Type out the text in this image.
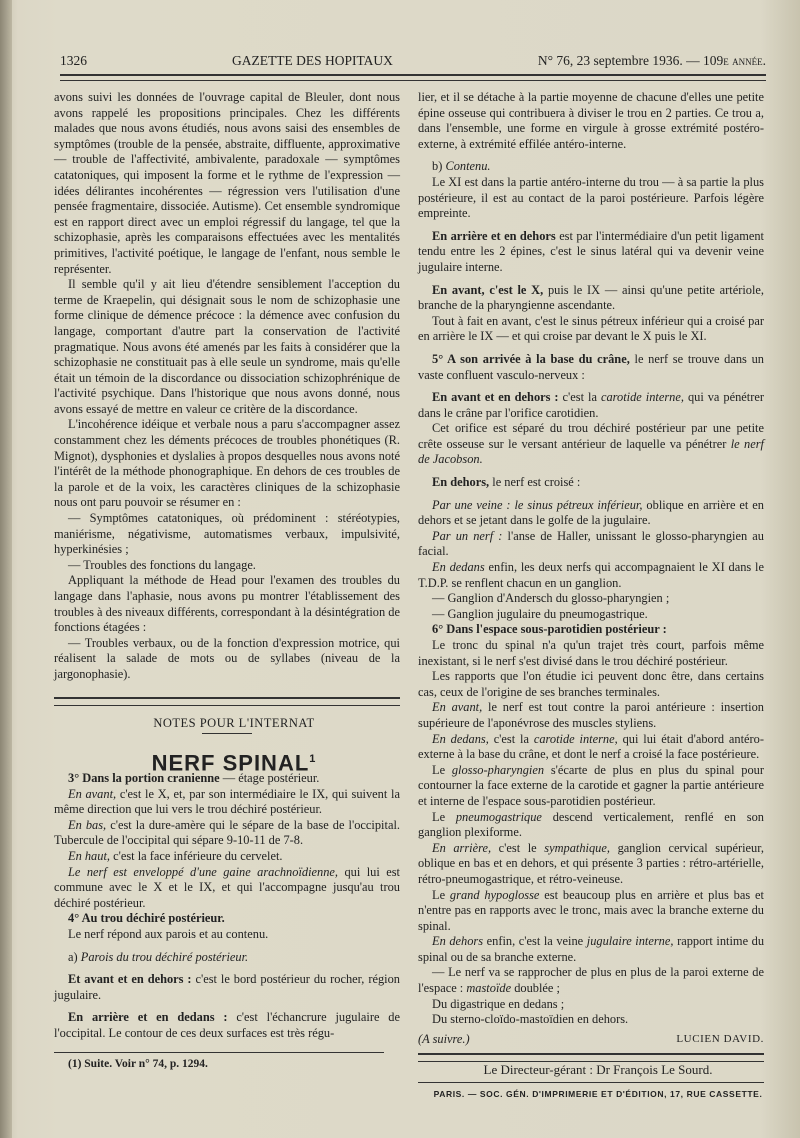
1326	GAZETTE DES HOPITAUX	N° 76, 23 septembre 1936. — 109e année.

avons suivi les données de l'ouvrage capital de Bleuler, dont nous avons rappelé les propositions principales. Chez les différents malades que nous avons étudiés, nous avons saisi des ensembles de symptômes (trouble de la pensée, abstraite, diffluente, approximative — trouble de l'affectivité, ambivalente, paradoxale — symptômes catatoniques, qui imposent la forme et le rythme de l'expression — idées délirantes incohérentes — régression vers l'utilisation d'une pensée fragmentaire, dissociée. Autisme). Cet ensemble syndromique est en rapport direct avec un emploi régressif du langage, tel que la schizophasie, après les comparaisons effectuées avec les mentalités primitives, l'activité poétique, le langage de l'enfant, nous semble le représenter.

Il semble qu'il y ait lieu d'étendre sensiblement l'acception du terme de Kraepelin, qui désignait sous le nom de schizophasie une forme clinique de démence précoce : la démence avec confusion du langage, comportant d'autre part la conservation de l'activité pragmatique. Nous avons été amenés par les faits à considérer que la schizophasie ne constituait pas à elle seule un syndrome, mais qu'elle était un témoin de la discordance ou dissociation schizophrénique de l'activité psychique. Dans l'historique que nous avons donné, nous avons essayé de mettre en valeur ce critère de la discordance.

L'incohérence idéique et verbale nous a paru s'accompagner assez constamment chez les déments précoces de troubles phonétiques (R. Mignot), dysphonies et dyslalies à propos desquelles nous avons noté l'intérêt de la méthode phonographique. En dehors de ces troubles de la parole et de la voix, les caractères cliniques de la schizophasie nous ont paru pouvoir se résumer en :

— Symptômes catatoniques, où prédominent : stéréotypies, maniérisme, négativisme, automatismes verbaux, impulsivité, hyperkinésies ;

— Troubles des fonctions du langage.

Appliquant la méthode de Head pour l'examen des troubles du langage dans l'aphasie, nous avons pu montrer l'établissement des troubles à des niveaux différents, correspondant à la désintégration de fonctions étagées :

— Troubles verbaux, ou de la fonction d'expression motrice, qui réalisent la salade de mots ou de syllabes (niveau de la jargonophasie).

NOTES POUR L'INTERNAT

NERF SPINAL$^1$

3° Dans la portion cranienne — étage postérieur.

En avant, c'est le X, et, par son intermédiaire le IX, qui suivent la même direction que lui vers le trou déchiré postérieur.

En bas, c'est la dure-amère qui le sépare de la base de l'occipital. Tubercule de l'occipital qui sépare 9-10-11 de 7-8.

En haut, c'est la face inférieure du cervelet.

Le nerf est enveloppé d'une gaine arachnoïdienne, qui lui est commune avec le X et le IX, et qui l'accompagne jusqu'au trou déchiré postérieur.

4° Au trou déchiré postérieur.

Le nerf répond aux parois et au contenu.

a) Parois du trou déchiré postérieur.

Et avant et en dehors : c'est le bord postérieur du rocher, région jugulaire.

En arrière et en dedans : c'est l'échancrure jugulaire de l'occipital. Le contour de ces deux surfaces est très régu-

(1) Suite. Voir n° 74, p. 1294.

lier, et il se détache à la partie moyenne de chacune d'elles une petite épine osseuse qui contribuera à diviser le trou en 2 parties. Ce trou a, dans l'ensemble, une forme en virgule à grosse extrémité postéro-externe, à extrémité effilée antéro-interne.

b) Contenu.

Le XI est dans la partie antéro-interne du trou — à sa partie la plus postérieure, il est au contact de la paroi postérieure. Parfois légère empreinte.

En arrière et en dehors est par l'intermédiaire d'un petit ligament tendu entre les 2 épines, c'est le sinus latéral qui va devenir veine jugulaire interne.

En avant, c'est le X, puis le IX — ainsi qu'une petite artériole, branche de la pharyngienne ascendante.

Tout à fait en avant, c'est le sinus pétreux inférieur qui a croisé par en arrière le IX — et qui croise par devant le X puis le XI.

5° A son arrivée à la base du crâne, le nerf se trouve dans un vaste confluent vasculo-nerveux :

En avant et en dehors : c'est la carotide interne, qui va pénétrer dans le crâne par l'orifice carotidien.

Cet orifice est séparé du trou déchiré postérieur par une petite crête osseuse sur le versant antérieur de laquelle va pénétrer le nerf de Jacobson.

En dehors, le nerf est croisé :

Par une veine : le sinus pétreux inférieur, oblique en arrière et en dehors et se jetant dans le golfe de la jugulaire.

Par un nerf : l'anse de Haller, unissant le glosso-pharyngien au facial.

En dedans enfin, les deux nerfs qui accompagnaient le XI dans le T.D.P. se renflent chacun en un ganglion.

— Ganglion d'Andersch du glosso-pharyngien ;

— Ganglion jugulaire du pneumogastrique.

6° Dans l'espace sous-parotidien postérieur :

Le tronc du spinal n'a qu'un trajet très court, parfois même inexistant, si le nerf s'est divisé dans le trou déchiré postérieur.

Les rapports que l'on étudie ici peuvent donc être, dans certains cas, ceux de l'origine de ses branches terminales.

En avant, le nerf est tout contre la paroi antérieure : insertion supérieure de l'aponévrose des muscles styliens.

En dedans, c'est la carotide interne, qui lui était d'abord antéro-externe à la base du crâne, et dont le nerf a croisé la face postérieure.

Le glosso-pharyngien s'écarte de plus en plus du spinal pour contourner la face externe de la carotide et gagner la partie antérieure et interne de l'espace sous-parotidien postérieur.

Le pneumogastrique descend verticalement, renflé en son ganglion plexiforme.

En arrière, c'est le sympathique, ganglion cervical supérieur, oblique en bas et en dehors, et qui présente 3 parties : rétro-artérielle, rétro-pneumogastrique, et rétro-veineuse.

Le grand hypoglosse est beaucoup plus en arrière et plus bas et n'entre pas en rapports avec le tronc, mais avec la branche externe du spinal.

En dehors enfin, c'est la veine jugulaire interne, rapport intime du spinal ou de sa branche externe.

— Le nerf va se rapprocher de plus en plus de la paroi externe de l'espace : mastoïde doublée ;

Du digastrique en dedans ;

Du sterno-cloïdo-mastoïdien en dehors.

(A suivre.)	LUCIEN DAVID.

Le Directeur-gérant : Dr François Le Sourd.

PARIS. — SOC. GÉN. D'IMPRIMERIE ET D'ÉDITION, 17, RUE CASSETTE.
